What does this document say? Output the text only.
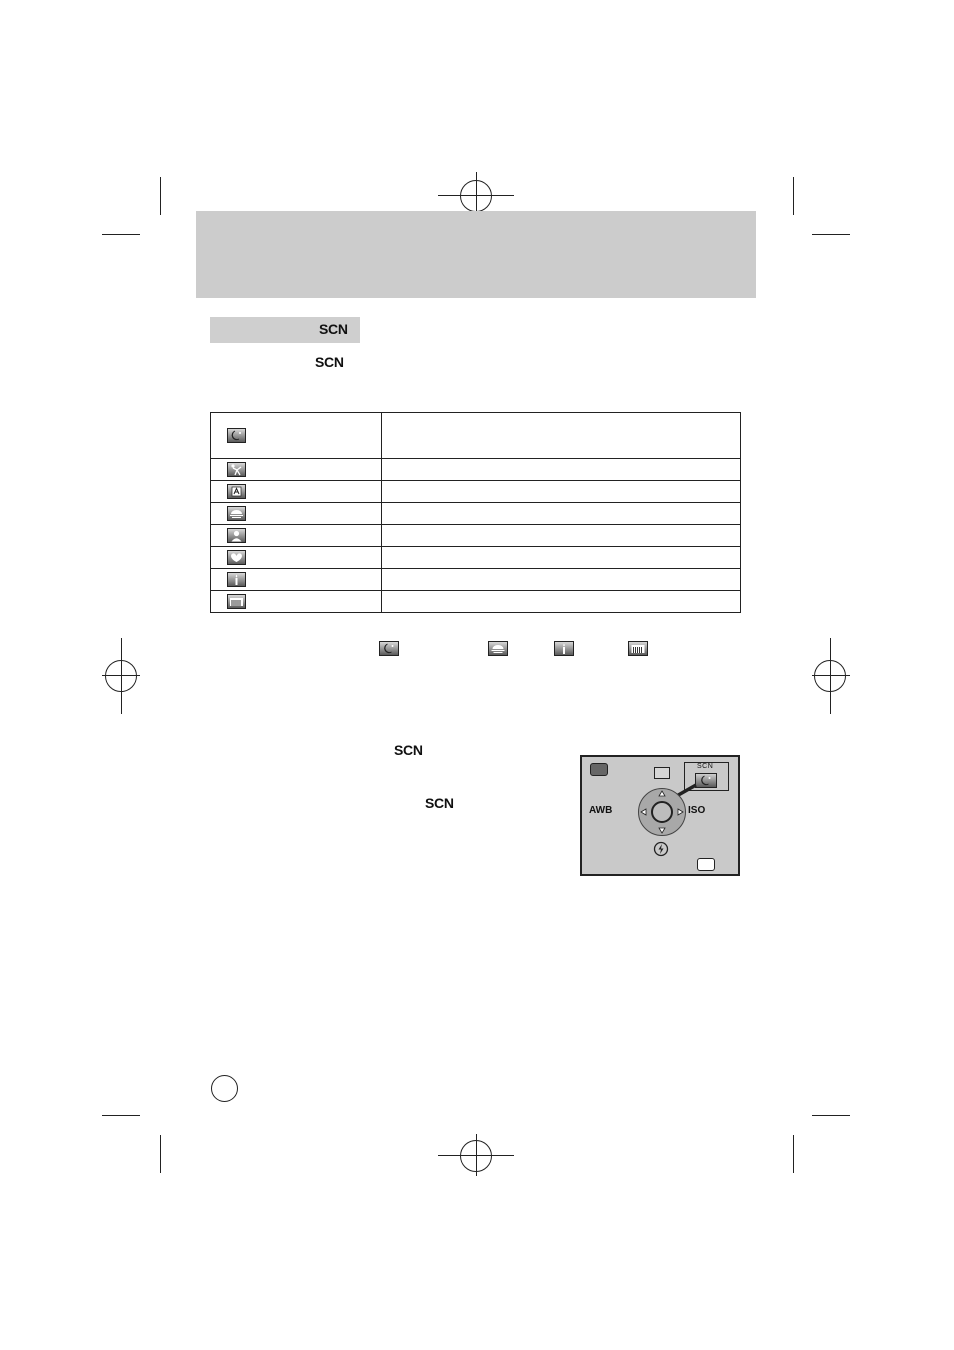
SCN
SCN

SCN
SCN
SCN
AWB	ISO
